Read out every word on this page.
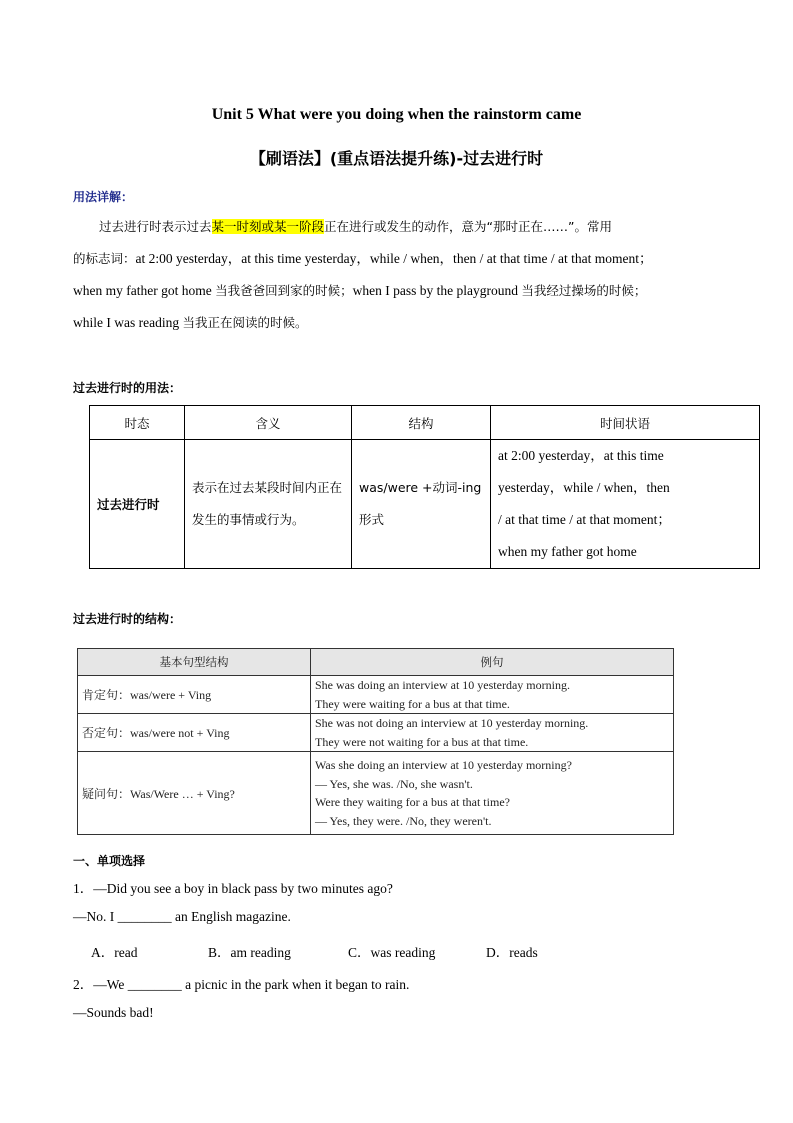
Unit 5 What were you doing when the rainstorm came
【刷语法】(重点语法提升练)-过去进行时
用法详解：
过去进行时表示过去某一时刻或某一阶段正在进行或发生的动作，意为“那时正在……”。常用
的标志词：at 2:00 yesterday，at this time yesterday，while / when，then / at that time / at that moment；
when my father got home 当我爸爸回到家的时候；when I pass by the playground 当我经过操场的时候；
while I was reading 当我正在阅读的时候。
过去进行时的用法：
时态	含义	结构	时间状语
过去进行时	表示在过去某段时间内正在发生的事情或行为。	was/were +动词-ing形式	at 2:00 yesterday，at this time
yesterday，while / when，then
/ at that time / at that moment；
when my father got home
过去进行时的结构：
基本句型结构	例句
肯定句：was/were + Ving	She was doing an interview at 10 yesterday morning.
They were waiting for a bus at that time.

否定句：was/were not + Ving	She was not doing an interview at 10 yesterday morning.
They were not waiting for a bus at that time.

疑问句：Was/Were … + Ving?	Was she doing an interview at 10 yesterday morning?
— Yes, she was. /No, she wasn't.
Were they waiting for a bus at that time?
— Yes, they were. /No, they weren't.
一、单项选择
1．—Did you see a boy in black pass by two minutes ago?
—No. I ________ an English magazine.
A．read	B．am reading	C．was reading	D．reads
2．—We ________ a picnic in the park when it began to rain.
—Sounds bad!
